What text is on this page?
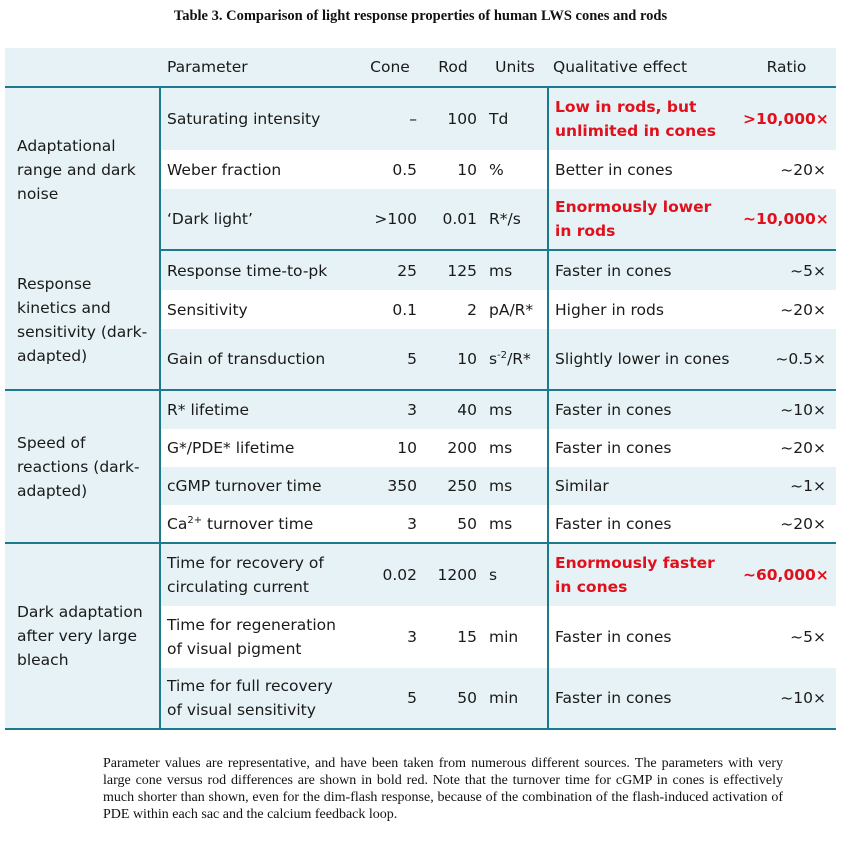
Table 3. Comparison of light response properties of human LWS cones and rods
	Parameter	Cone	Rod	Units	Qualitative effect	Ratio
Adaptational range and dark noise	Saturating intensity	–	100	Td	Low in rods, but unlimited in cones	>10,000×
	Weber fraction	0.5	10	%	Better in cones	~20×
	‘Dark light’	>100	0.01	R*/s	Enormously lower in rods	~10,000×
Response kinetics and sensitivity (dark-adapted)	Response time-to-pk	25	125	ms	Faster in cones	~5×
	Sensitivity	0.1	2	pA/R*	Higher in rods	~20×
	Gain of transduction	5	10	$s^{-2}/R*$	Slightly lower in cones	~0.5×
Speed of reactions (dark-adapted)	R* lifetime	3	40	ms	Faster in cones	~10×
	G*/PDE* lifetime	10	200	ms	Faster in cones	~20×
	cGMP turnover time	350	250	ms	Similar	~1×
	$Ca^{2+}$ turnover time	3	50	ms	Faster in cones	~20×
Dark adaptation after very large bleach	Time for recovery of circulating current	0.02	1200	s	Enormously faster in cones	~60,000×
	Time for regeneration of visual pigment	3	15	min	Faster in cones	~5×
	Time for full recovery of visual sensitivity	5	50	min	Faster in cones	~10×
Parameter values are representative, and have been taken from numerous different sources. The parameters with very large cone versus rod differences are shown in bold red. Note that the turnover time for cGMP in cones is effectively much shorter than shown, even for the dim-flash response, because of the combination of the flash-induced activation of PDE within each sac and the calcium feedback loop.
